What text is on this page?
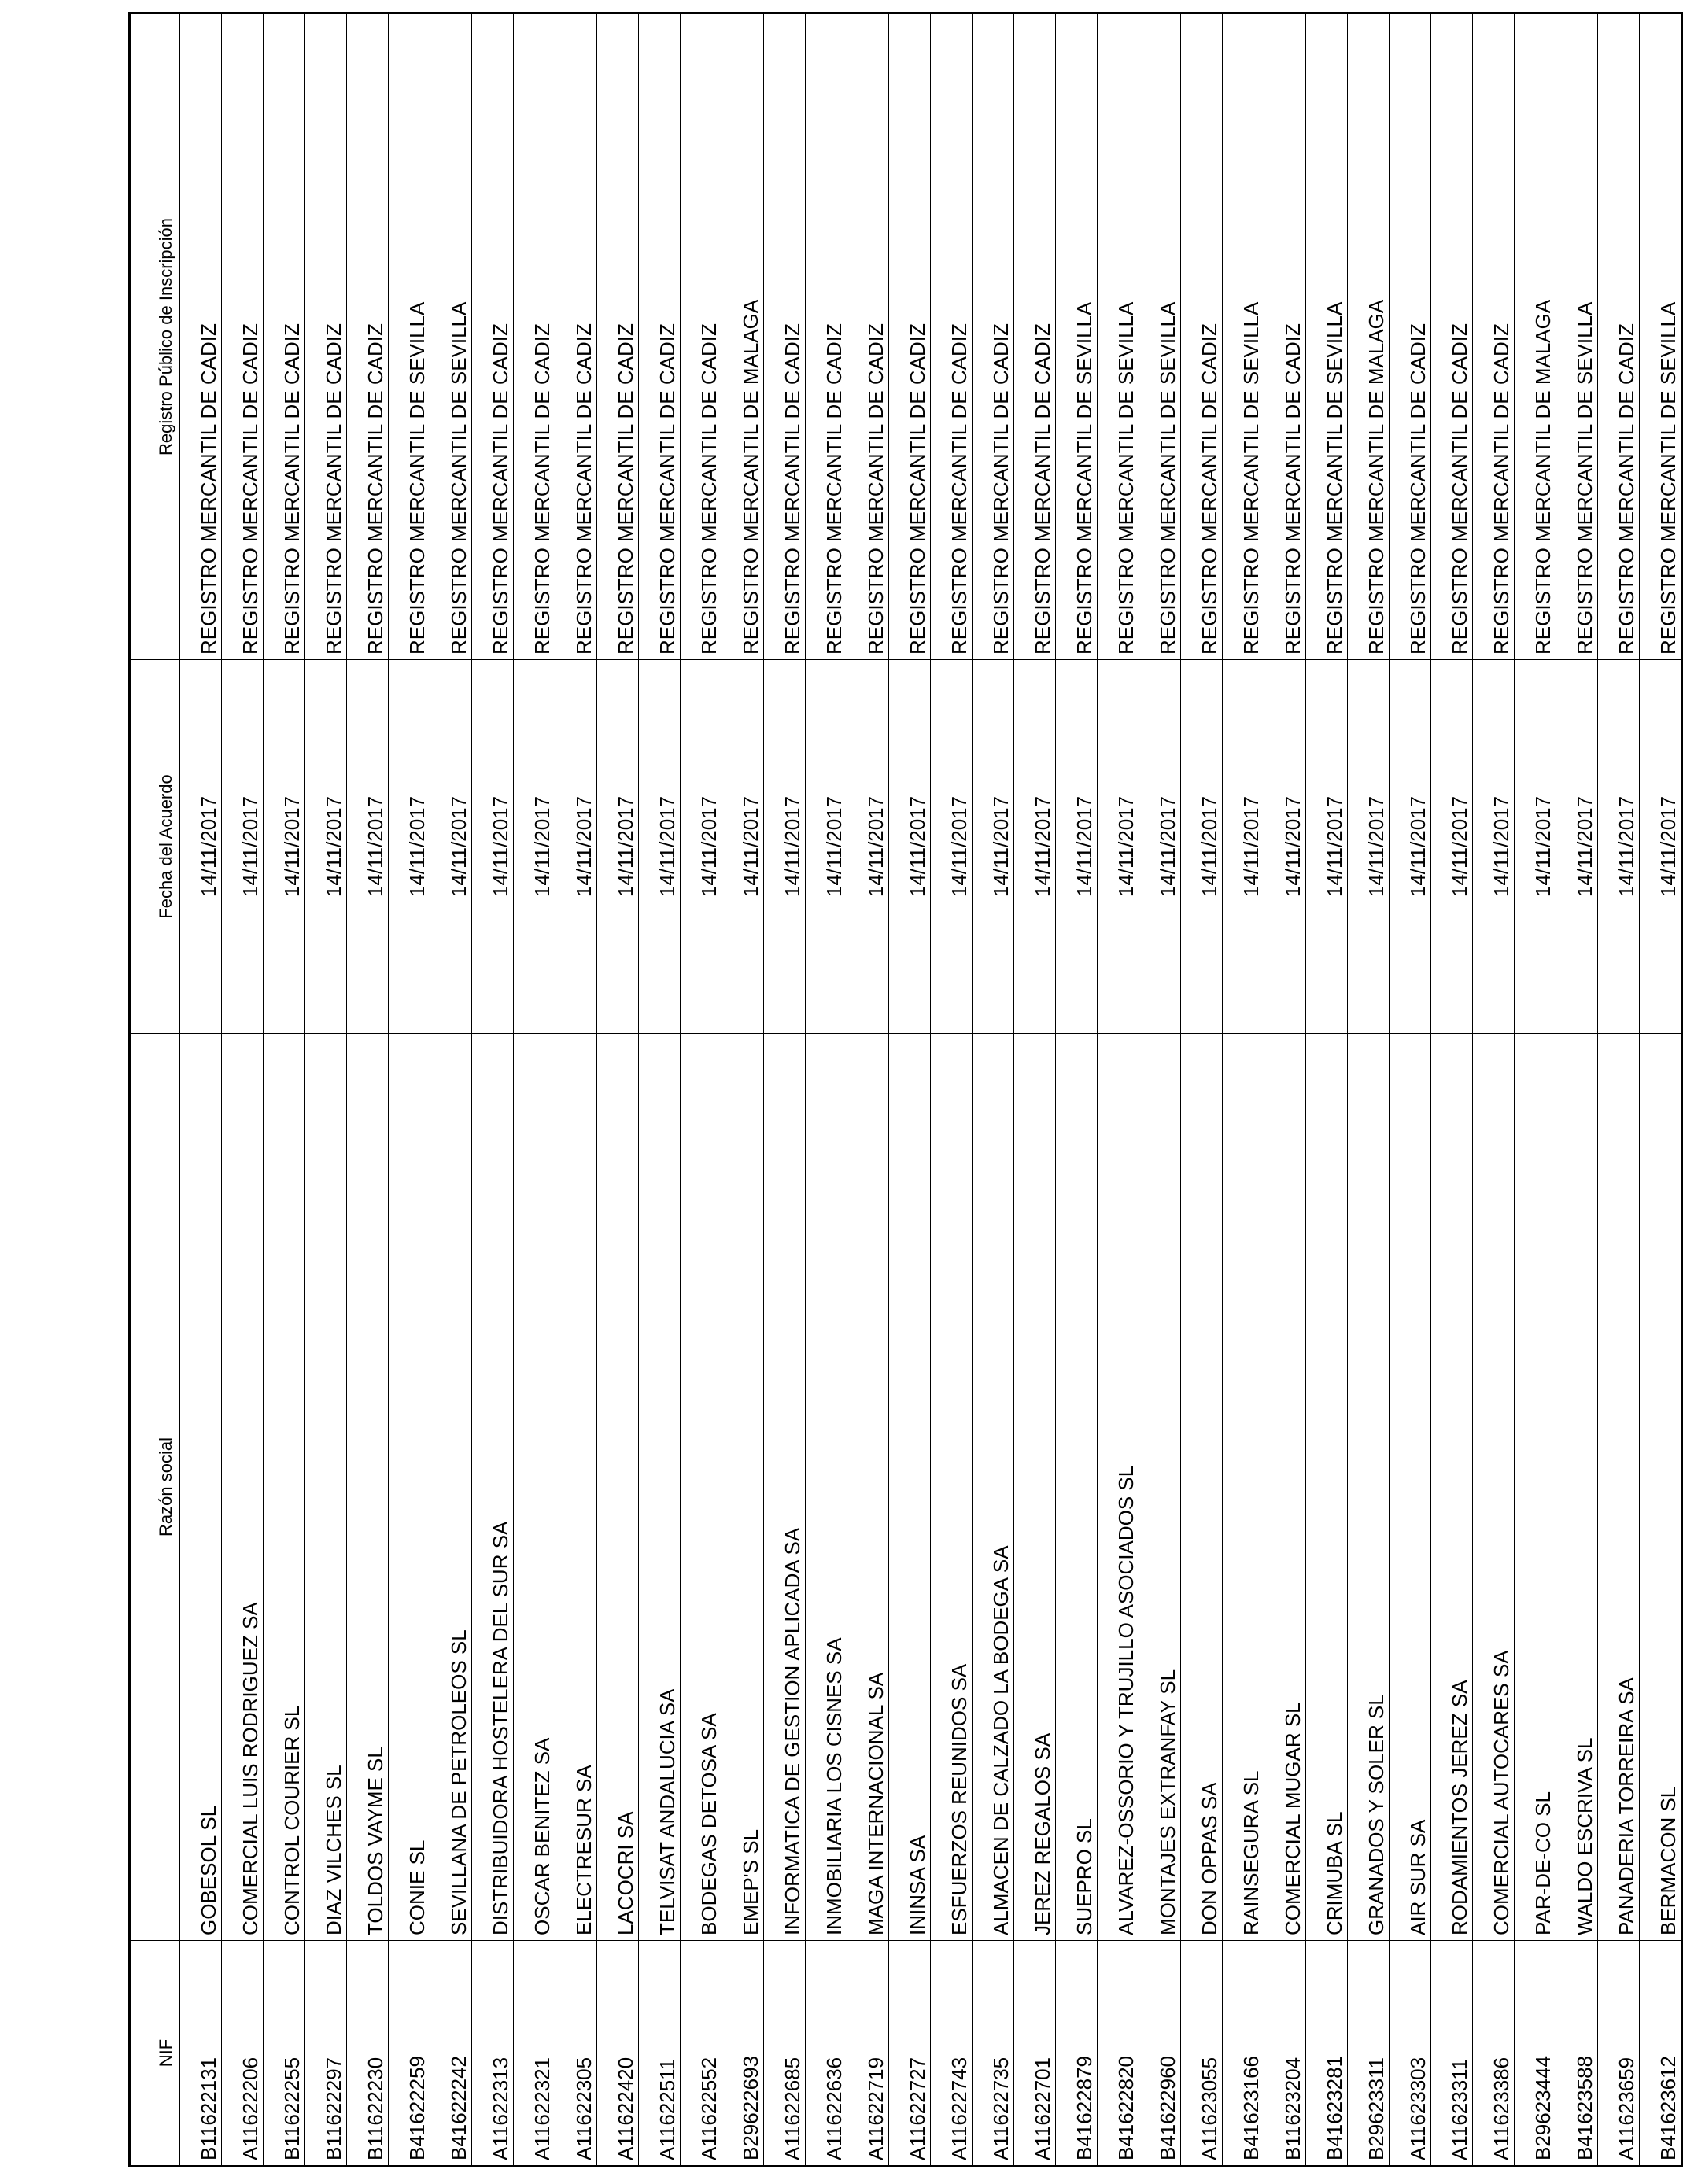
NIF	Razón social	Fecha del Acuerdo	Registro Público de Inscripción
B11622131	GOBESOL SL	14/11/2017	REGISTRO MERCANTIL DE CADIZ
A11622206	COMERCIAL LUIS RODRIGUEZ SA	14/11/2017	REGISTRO MERCANTIL DE CADIZ
B11622255	CONTROL COURIER SL	14/11/2017	REGISTRO MERCANTIL DE CADIZ
B11622297	DIAZ VILCHES SL	14/11/2017	REGISTRO MERCANTIL DE CADIZ
B11622230	TOLDOS VAYME SL	14/11/2017	REGISTRO MERCANTIL DE CADIZ
B41622259	CONIE SL	14/11/2017	REGISTRO MERCANTIL DE SEVILLA
B41622242	SEVILLANA DE PETROLEOS SL	14/11/2017	REGISTRO MERCANTIL DE SEVILLA
A11622313	DISTRIBUIDORA HOSTELERA DEL SUR SA	14/11/2017	REGISTRO MERCANTIL DE CADIZ
A11622321	OSCAR BENITEZ SA	14/11/2017	REGISTRO MERCANTIL DE CADIZ
A11622305	ELECTRESUR SA	14/11/2017	REGISTRO MERCANTIL DE CADIZ
A11622420	LACOCRI SA	14/11/2017	REGISTRO MERCANTIL DE CADIZ
A11622511	TELVISAT ANDALUCIA SA	14/11/2017	REGISTRO MERCANTIL DE CADIZ
A11622552	BODEGAS DETOSA SA	14/11/2017	REGISTRO MERCANTIL DE CADIZ
B29622693	EMEP'S SL	14/11/2017	REGISTRO MERCANTIL DE MALAGA
A11622685	INFORMATICA DE GESTION APLICADA SA	14/11/2017	REGISTRO MERCANTIL DE CADIZ
A11622636	INMOBILIARIA LOS CISNES SA	14/11/2017	REGISTRO MERCANTIL DE CADIZ
A11622719	MAGA INTERNACIONAL SA	14/11/2017	REGISTRO MERCANTIL DE CADIZ
A11622727	ININSA SA	14/11/2017	REGISTRO MERCANTIL DE CADIZ
A11622743	ESFUERZOS REUNIDOS SA	14/11/2017	REGISTRO MERCANTIL DE CADIZ
A11622735	ALMACEN DE CALZADO LA BODEGA SA	14/11/2017	REGISTRO MERCANTIL DE CADIZ
A11622701	JEREZ REGALOS SA	14/11/2017	REGISTRO MERCANTIL DE CADIZ
B41622879	SUEPRO SL	14/11/2017	REGISTRO MERCANTIL DE SEVILLA
B41622820	ALVAREZ-OSSORIO Y TRUJILLO ASOCIADOS SL	14/11/2017	REGISTRO MERCANTIL DE SEVILLA
B41622960	MONTAJES EXTRANFAY SL	14/11/2017	REGISTRO MERCANTIL DE SEVILLA
A11623055	DON OPPAS SA	14/11/2017	REGISTRO MERCANTIL DE CADIZ
B41623166	RAINSEGURA SL	14/11/2017	REGISTRO MERCANTIL DE SEVILLA
B11623204	COMERCIAL MUGAR SL	14/11/2017	REGISTRO MERCANTIL DE CADIZ
B41623281	CRIMUBA SL	14/11/2017	REGISTRO MERCANTIL DE SEVILLA
B29623311	GRANADOS Y SOLER SL	14/11/2017	REGISTRO MERCANTIL DE MALAGA
A11623303	AIR SUR SA	14/11/2017	REGISTRO MERCANTIL DE CADIZ
A11623311	RODAMIENTOS JEREZ SA	14/11/2017	REGISTRO MERCANTIL DE CADIZ
A11623386	COMERCIAL AUTOCARES SA	14/11/2017	REGISTRO MERCANTIL DE CADIZ
B29623444	PAR-DE-CO SL	14/11/2017	REGISTRO MERCANTIL DE MALAGA
B41623588	WALDO ESCRIVA SL	14/11/2017	REGISTRO MERCANTIL DE SEVILLA
A11623659	PANADERIA TORREIRA SA	14/11/2017	REGISTRO MERCANTIL DE CADIZ
B41623612	BERMACON SL	14/11/2017	REGISTRO MERCANTIL DE SEVILLA
